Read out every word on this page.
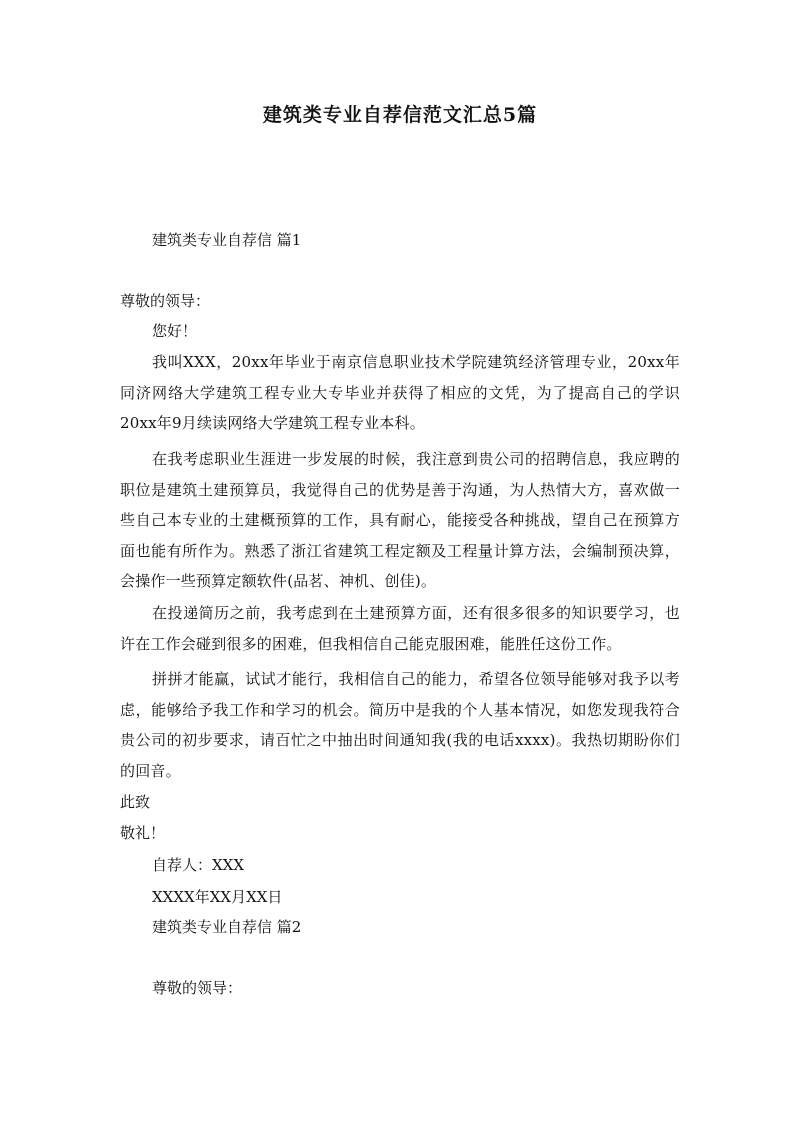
建筑类专业自荐信范文汇总5篇
建筑类专业自荐信 篇1
尊敬的领导：
您好！
我叫XXX，20xx年毕业于南京信息职业技术学院建筑经济管理专业，20xx年同济网络大学建筑工程专业大专毕业并获得了相应的文凭，为了提高自己的学识20xx年9月续读网络大学建筑工程专业本科。
在我考虑职业生涯进一步发展的时候，我注意到贵公司的招聘信息，我应聘的职位是建筑土建预算员，我觉得自己的优势是善于沟通，为人热情大方，喜欢做一些自己本专业的土建概预算的工作，具有耐心，能接受各种挑战，望自己在预算方面也能有所作为。熟悉了浙江省建筑工程定额及工程量计算方法，会编制预决算，会操作一些预算定额软件(品茗、神机、创佳)。
在投递简历之前，我考虑到在土建预算方面，还有很多很多的知识要学习，也许在工作会碰到很多的困难，但我相信自己能克服困难，能胜任这份工作。
拼拼才能赢，试试才能行，我相信自己的能力，希望各位领导能够对我予以考虑，能够给予我工作和学习的机会。简历中是我的个人基本情况，如您发现我符合贵公司的初步要求，请百忙之中抽出时间通知我(我的电话xxxx)。我热切期盼你们的回音。
此致
敬礼！
自荐人：XXX
XXXX年XX月XX日
建筑类专业自荐信 篇2
尊敬的领导：
